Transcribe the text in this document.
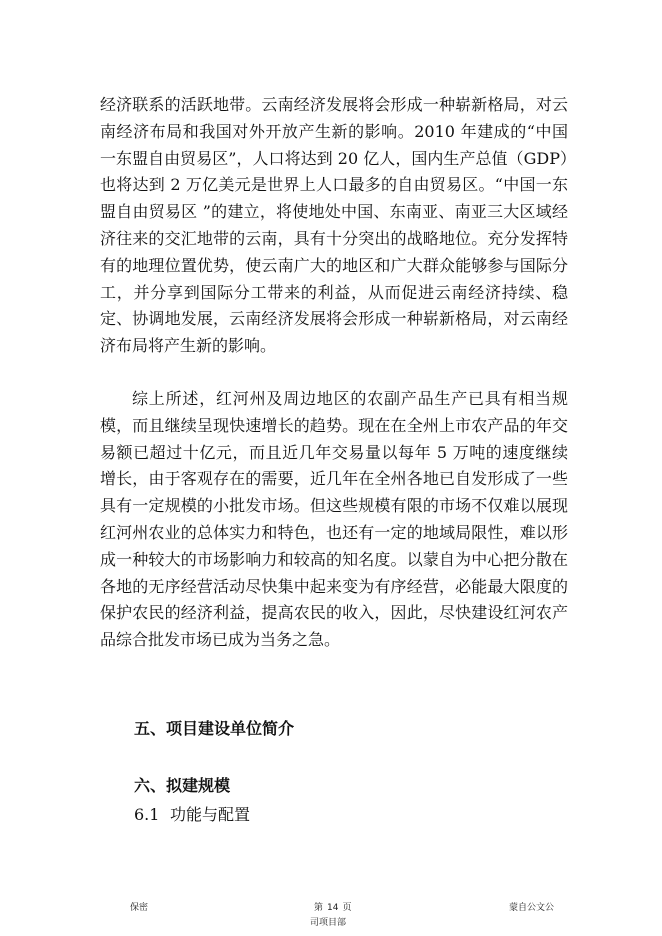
经济联系的活跃地带。云南经济发展将会形成一种崭新格局，对云南经济布局和我国对外开放产生新的影响。2010 年建成的“中国一东盟自由贸易区”，人口将达到 20 亿人，国内生产总值（GDP）也将达到 2 万亿美元是世界上人口最多的自由贸易区。“中国一东盟自由贸易区 ”的建立，将使地处中国、东南亚、南亚三大区域经济往来的交汇地带的云南，具有十分突出的战略地位。充分发挥特有的地理位置优势，使云南广大的地区和广大群众能够参与国际分工，并分享到国际分工带来的利益，从而促进云南经济持续、稳定、协调地发展，云南经济发展将会形成一种崭新格局，对云南经济布局将产生新的影响。

综上所述，红河州及周边地区的农副产品生产已具有相当规模，而且继续呈现快速增长的趋势。现在在全州上市农产品的年交易额已超过十亿元，而且近几年交易量以每年 5 万吨的速度继续增长，由于客观存在的需要，近几年在全州各地已自发形成了一些具有一定规模的小批发市场。但这些规模有限的市场不仅难以展现红河州农业的总体实力和特色，也还有一定的地域局限性，难以形成一种较大的市场影响力和较高的知名度。以蒙自为中心把分散在各地的无序经营活动尽快集中起来变为有序经营，必能最大限度的保护农民的经济利益，提高农民的收入，因此，尽快建设红河农产品综合批发市场已成为当务之急。

五、项目建设单位简介

六、拟建规模

6.1 功能与配置

保密	第 14 页	蒙自公文公
司项目部
